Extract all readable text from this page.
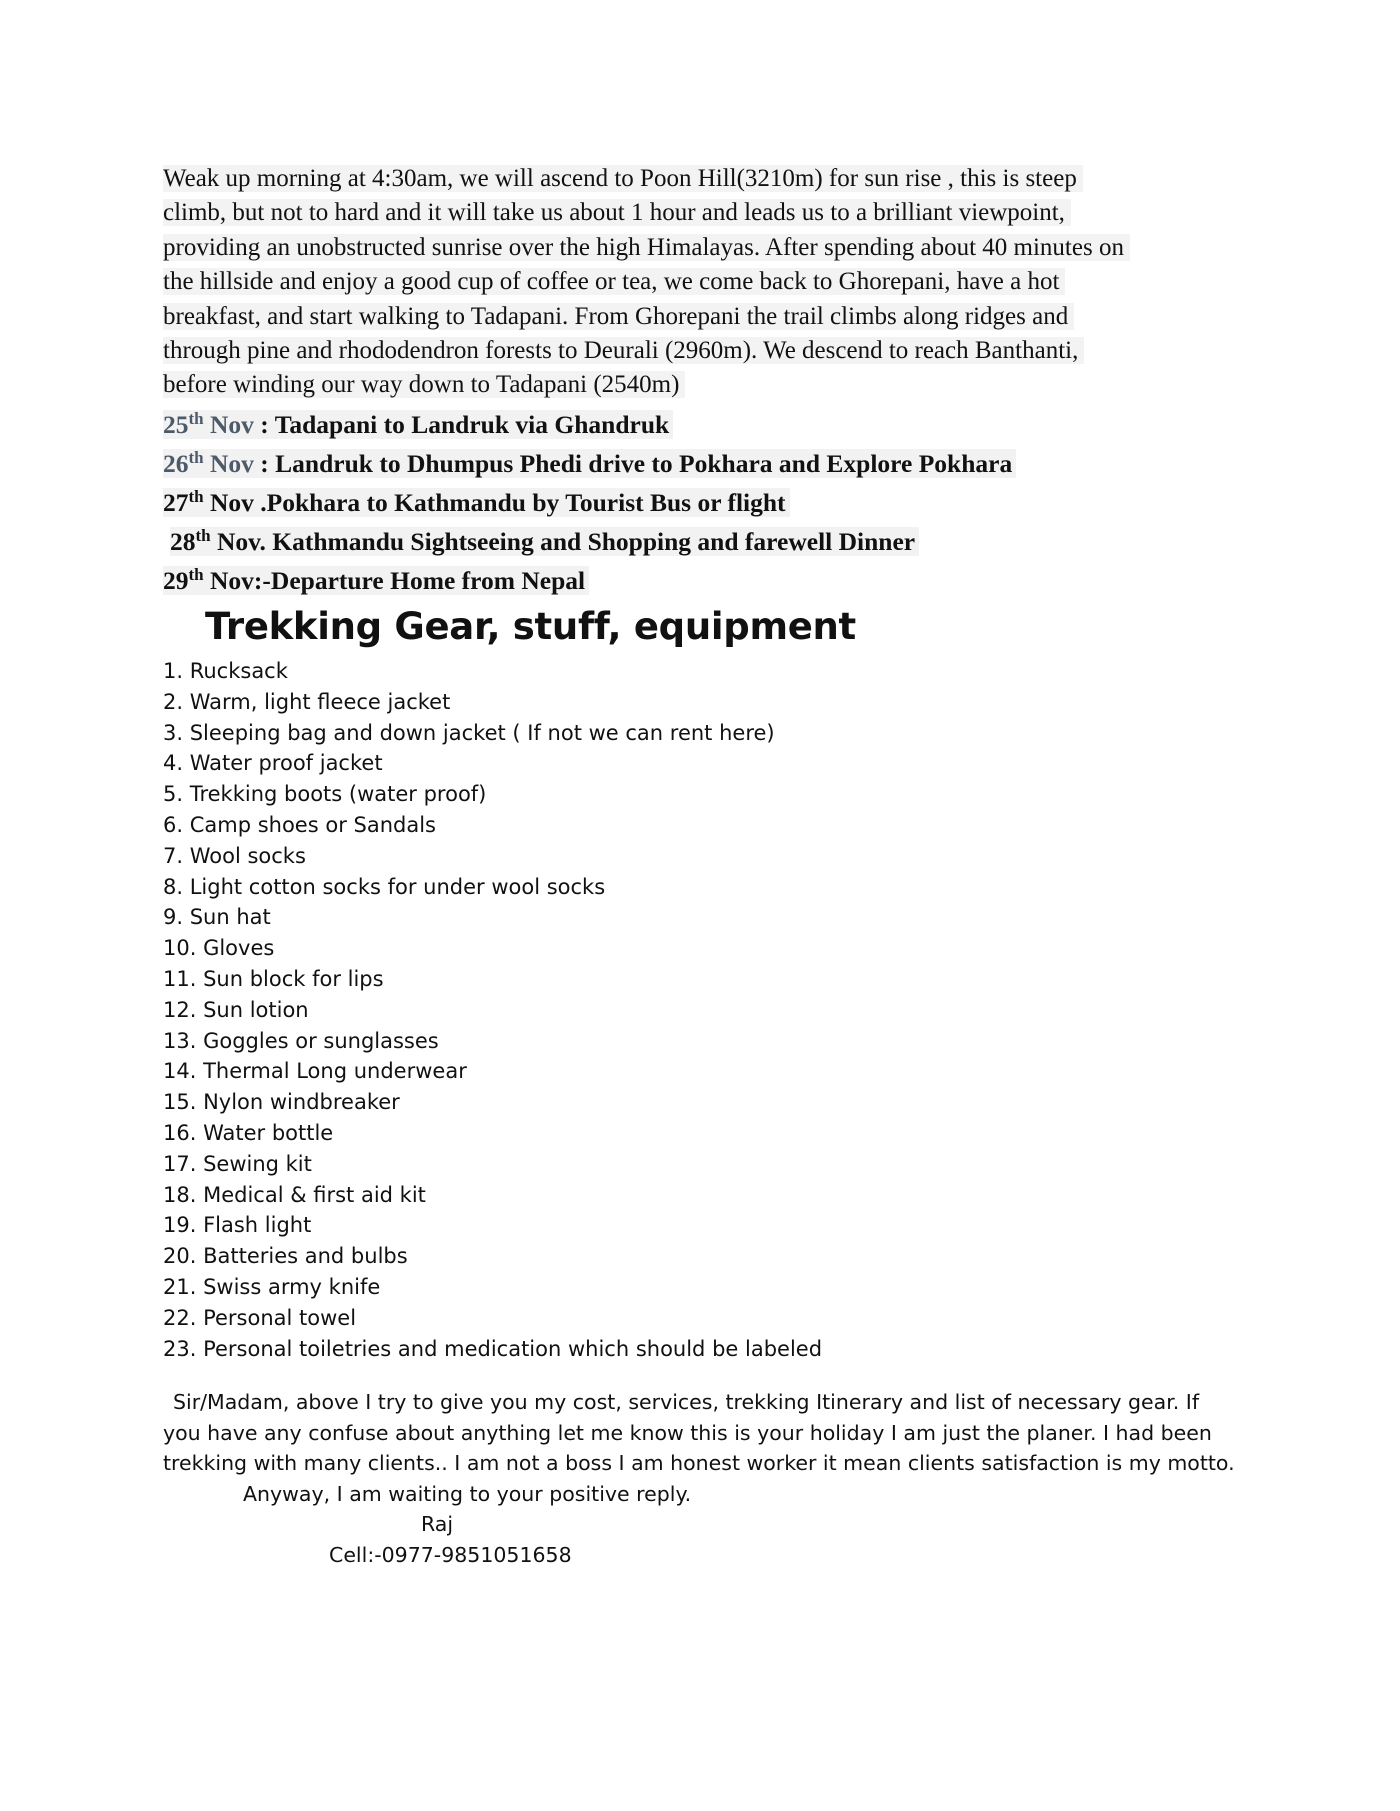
Weak up morning at 4:30am, we will ascend to Poon Hill(3210m) for sun rise , this is steep
climb, but not to hard and it will take us about 1 hour and leads us to a brilliant viewpoint,
providing an unobstructed sunrise over the high Himalayas. After spending about 40 minutes on
the hillside and enjoy a good cup of coffee or tea, we come back to Ghorepani, have a hot
breakfast, and start walking to Tadapani. From Ghorepani the trail climbs along ridges and
through pine and rhododendron forests to Deurali (2960m). We descend to reach Banthanti,
before winding our way down to Tadapani (2540m)
25th Nov : Tadapani to Landruk via Ghandruk
26th Nov : Landruk to Dhumpus Phedi drive to Pokhara and Explore Pokhara
27th Nov .Pokhara to Kathmandu by Tourist Bus or flight
28th Nov. Kathmandu Sightseeing and Shopping and farewell Dinner
29th Nov:-Departure Home from Nepal
Trekking Gear, stuff, equipment
1. Rucksack
2. Warm, light fleece jacket
3. Sleeping bag and down jacket ( If not we can rent here)
4. Water proof jacket
5. Trekking boots (water proof)
6. Camp shoes or Sandals
7. Wool socks
8. Light cotton socks for under wool socks
9. Sun hat
10. Gloves
11. Sun block for lips
12. Sun lotion
13. Goggles or sunglasses
14. Thermal Long underwear
15. Nylon windbreaker
16. Water bottle
17. Sewing kit
18. Medical & first aid kit
19. Flash light
20. Batteries and bulbs
21. Swiss army knife
22. Personal towel
23. Personal toiletries and medication which should be labeled
Sir/Madam, above I try to give you my cost, services, trekking Itinerary and list of necessary gear. If
you have any confuse about anything let me know this is your holiday I am just the planer. I had been
trekking with many clients.. I am not a boss I am honest worker it mean clients satisfaction is my motto.
Anyway, I am waiting to your positive reply.
Raj
Cell:-0977-9851051658
